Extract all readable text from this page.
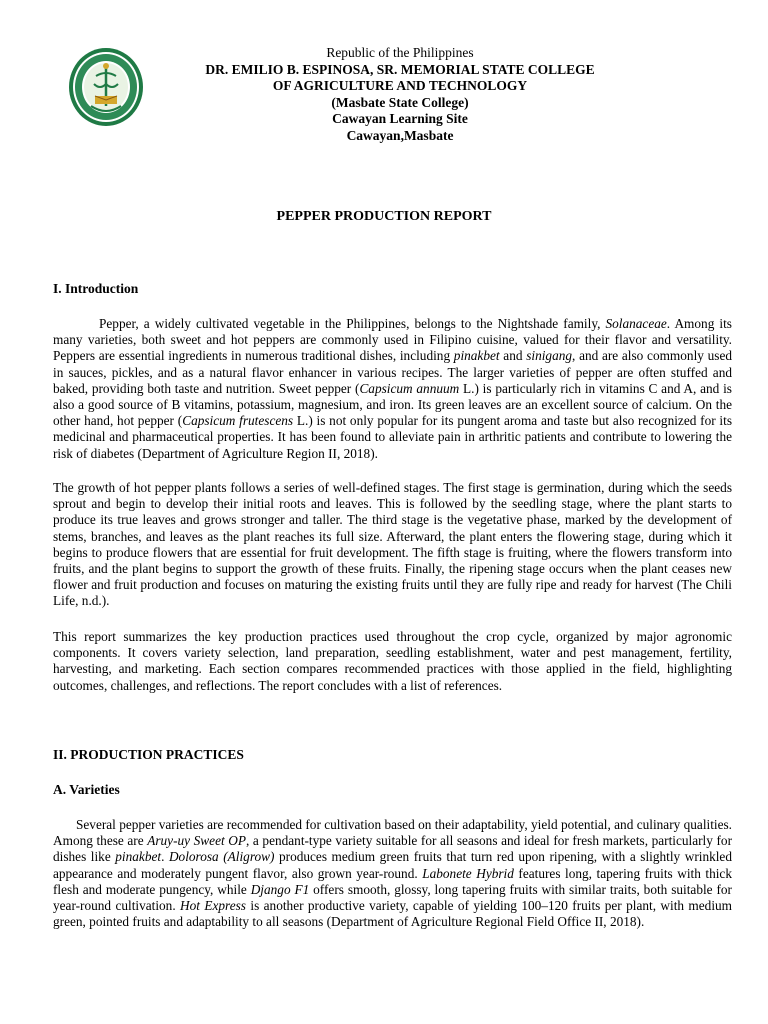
Republic of the Philippines
DR. EMILIO B. ESPINOSA, SR. MEMORIAL STATE COLLEGE
OF AGRICULTURE AND TECHNOLOGY
(Masbate State College)
Cawayan Learning Site
Cawayan,Masbate
PEPPER PRODUCTION REPORT
I. Introduction

Pepper, a widely cultivated vegetable in the Philippines, belongs to the Nightshade family, Solanaceae. Among its many varieties, both sweet and hot peppers are commonly used in Filipino cuisine, valued for their flavor and versatility. Peppers are essential ingredients in numerous traditional dishes, including pinakbet and sinigang, and are also commonly used in sauces, pickles, and as a natural flavor enhancer in various recipes. The larger varieties of pepper are often stuffed and baked, providing both taste and nutrition. Sweet pepper (Capsicum annuum L.) is particularly rich in vitamins C and A, and is also a good source of B vitamins, potassium, magnesium, and iron. Its green leaves are an excellent source of calcium. On the other hand, hot pepper (Capsicum frutescens L.) is not only popular for its pungent aroma and taste but also recognized for its medicinal and pharmaceutical properties. It has been found to alleviate pain in arthritic patients and contribute to lowering the risk of diabetes (Department of Agriculture Region II, 2018).

The growth of hot pepper plants follows a series of well-defined stages. The first stage is germination, during which the seeds sprout and begin to develop their initial roots and leaves. This is followed by the seedling stage, where the plant starts to produce its true leaves and grows stronger and taller. The third stage is the vegetative phase, marked by the development of stems, branches, and leaves as the plant reaches its full size. Afterward, the plant enters the flowering stage, during which it begins to produce flowers that are essential for fruit development. The fifth stage is fruiting, where the flowers transform into fruits, and the plant begins to support the growth of these fruits. Finally, the ripening stage occurs when the plant ceases new flower and fruit production and focuses on maturing the existing fruits until they are fully ripe and ready for harvest (The Chili Life, n.d.).

This report summarizes the key production practices used throughout the crop cycle, organized by major agronomic components. It covers variety selection, land preparation, seedling establishment, water and pest management, fertility, harvesting, and marketing. Each section compares recommended practices with those applied in the field, highlighting outcomes, challenges, and reflections. The report concludes with a list of references.

II. PRODUCTION PRACTICES
A. Varieties

Several pepper varieties are recommended for cultivation based on their adaptability, yield potential, and culinary qualities. Among these are Aruy-uy Sweet OP, a pendant-type variety suitable for all seasons and ideal for fresh markets, particularly for dishes like pinakbet. Dolorosa (Aligrow) produces medium green fruits that turn red upon ripening, with a slightly wrinkled appearance and moderately pungent flavor, also grown year-round. Labonete Hybrid features long, tapering fruits with thick flesh and moderate pungency, while Django F1 offers smooth, glossy, long tapering fruits with similar traits, both suitable for year-round cultivation. Hot Express is another productive variety, capable of yielding 100–120 fruits per plant, with medium green, pointed fruits and adaptability to all seasons (Department of Agriculture Regional Field Office II, 2018).
